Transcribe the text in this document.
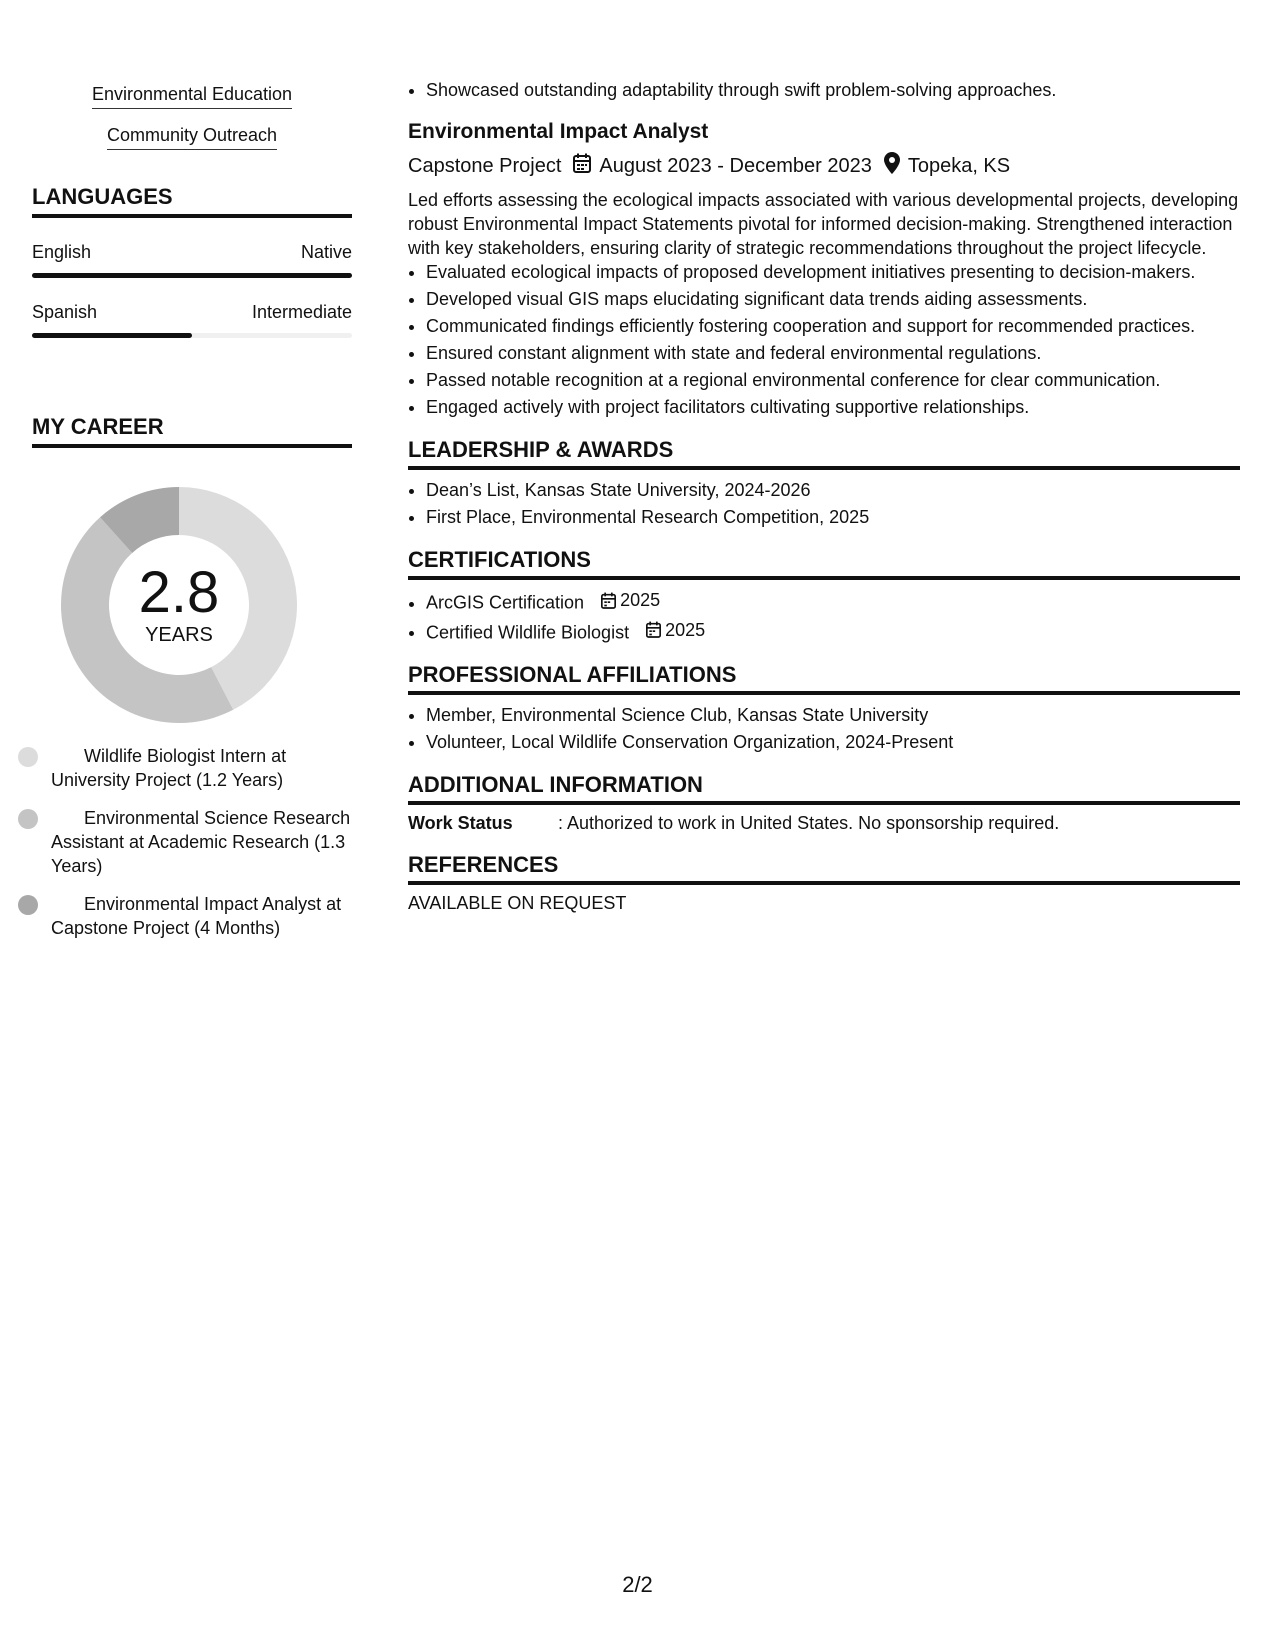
Environmental Education
Community Outreach
LANGUAGES
English	Native
Spanish	Intermediate
MY CAREER
2.8
YEARS
Wildlife Biologist Intern at University Project (1.2 Years)
Environmental Science Research Assistant at Academic Research (1.3 Years)
Environmental Impact Analyst at Capstone Project (4 Months)
• Showcased outstanding adaptability through swift problem-solving approaches.
Environmental Impact Analyst
Capstone Project August 2023 - December 2023 Topeka, KS
Led efforts assessing the ecological impacts associated with various developmental projects, developing robust Environmental Impact Statements pivotal for informed decision-making. Strengthened interaction with key stakeholders, ensuring clarity of strategic recommendations throughout the project lifecycle.
• Evaluated ecological impacts of proposed development initiatives presenting to decision-makers.
• Developed visual GIS maps elucidating significant data trends aiding assessments.
• Communicated findings efficiently fostering cooperation and support for recommended practices.
• Ensured constant alignment with state and federal environmental regulations.
• Passed notable recognition at a regional environmental conference for clear communication.
• Engaged actively with project facilitators cultivating supportive relationships.
LEADERSHIP & AWARDS
• Dean’s List, Kansas State University, 2024-2026
• First Place, Environmental Research Competition, 2025
CERTIFICATIONS
• ArcGIS Certification 2025
• Certified Wildlife Biologist 2025
PROFESSIONAL AFFILIATIONS
• Member, Environmental Science Club, Kansas State University
• Volunteer, Local Wildlife Conservation Organization, 2024-Present
ADDITIONAL INFORMATION
Work Status	: Authorized to work in United States. No sponsorship required.
REFERENCES
AVAILABLE ON REQUEST
2/2
